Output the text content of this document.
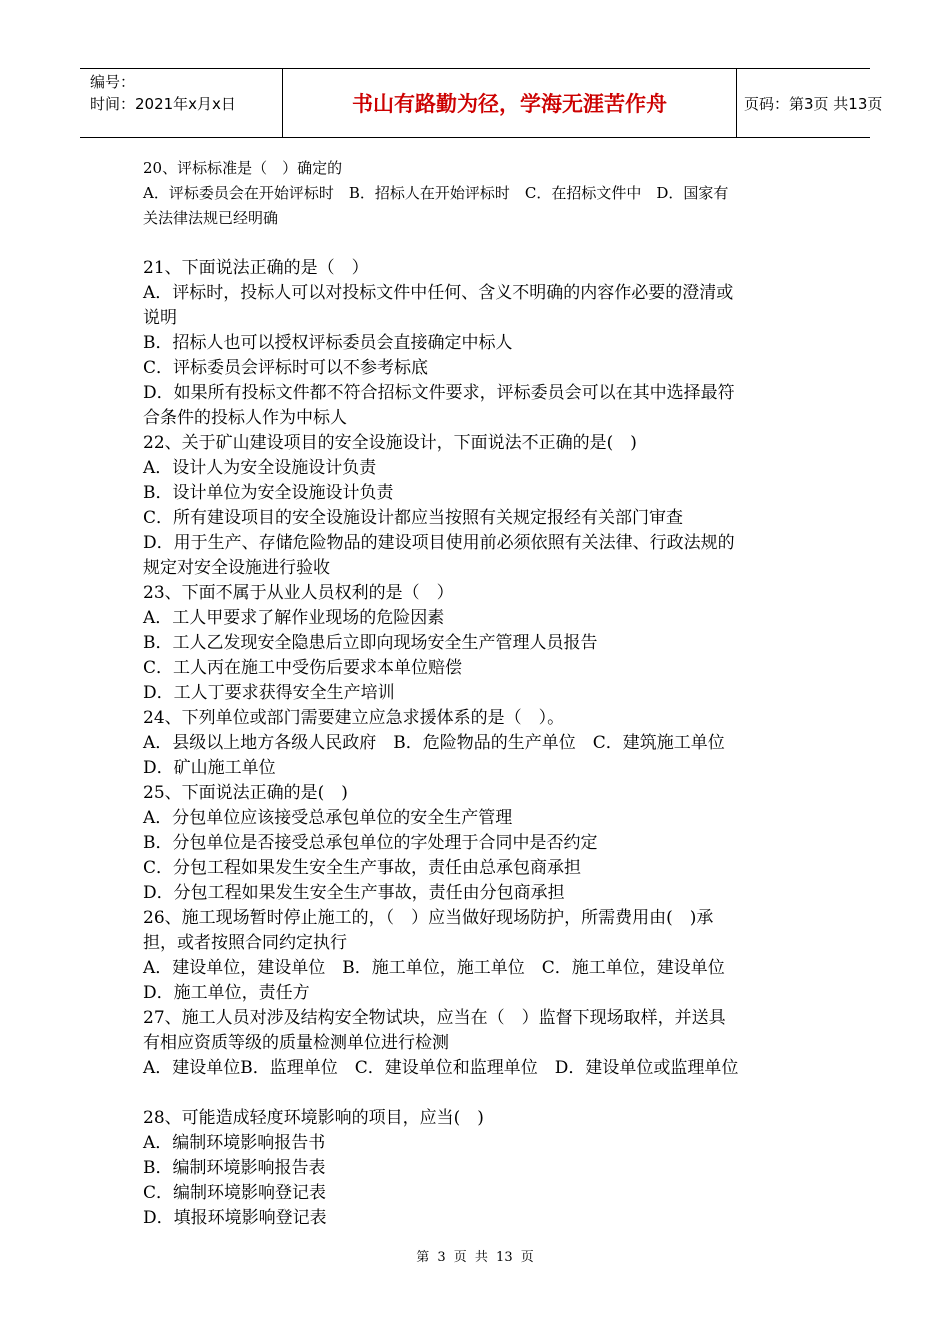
编号：
时间：2021年x月x日	书山有路勤为径，学海无涯苦作舟	页码：第3页 共13页
20、评标标准是（　）确定的
A．评标委员会在开始评标时　B．招标人在开始评标时　C．在招标文件中　D．国家有
关法律法规已经明确
21、下面说法正确的是（　）
A．评标时，投标人可以对投标文件中任何、含义不明确的内容作必要的澄清或
说明
B．招标人也可以授权评标委员会直接确定中标人
C．评标委员会评标时可以不参考标底
D．如果所有投标文件都不符合招标文件要求，评标委员会可以在其中选择最符
合条件的投标人作为中标人
22、关于矿山建设项目的安全设施设计，下面说法不正确的是(　)
A．设计人为安全设施设计负责
B．设计单位为安全设施设计负责
C．所有建设项目的安全设施设计都应当按照有关规定报经有关部门审查
D．用于生产、存储危险物品的建设项目使用前必须依照有关法律、行政法规的
规定对安全设施进行验收
23、下面不属于从业人员权利的是（　）
A．工人甲要求了解作业现场的危险因素
B．工人乙发现安全隐患后立即向现场安全生产管理人员报告
C．工人丙在施工中受伤后要求本单位赔偿
D．工人丁要求获得安全生产培训
24、下列单位或部门需要建立应急求援体系的是（　）。
A．县级以上地方各级人民政府　B．危险物品的生产单位　C．建筑施工单位
D．矿山施工单位
25、下面说法正确的是(　)
A．分包单位应该接受总承包单位的安全生产管理
B．分包单位是否接受总承包单位的字处理于合同中是否约定
C．分包工程如果发生安全生产事故，责任由总承包商承担
D．分包工程如果发生安全生产事故，责任由分包商承担
26、施工现场暂时停止施工的，（　）应当做好现场防护，所需费用由(　)承
担，或者按照合同约定执行
A．建设单位，建设单位　B．施工单位，施工单位　C．施工单位，建设单位
D．施工单位，责任方
27、施工人员对涉及结构安全物试块，应当在（　）监督下现场取样，并送具
有相应资质等级的质量检测单位进行检测
A．建设单位B．监理单位　C．建设单位和监理单位　D．建设单位或监理单位
28、可能造成轻度环境影响的项目，应当(　)
A．编制环境影响报告书
B．编制环境影响报告表
C．编制环境影响登记表
D．填报环境影响登记表
第 3 页 共 13 页
